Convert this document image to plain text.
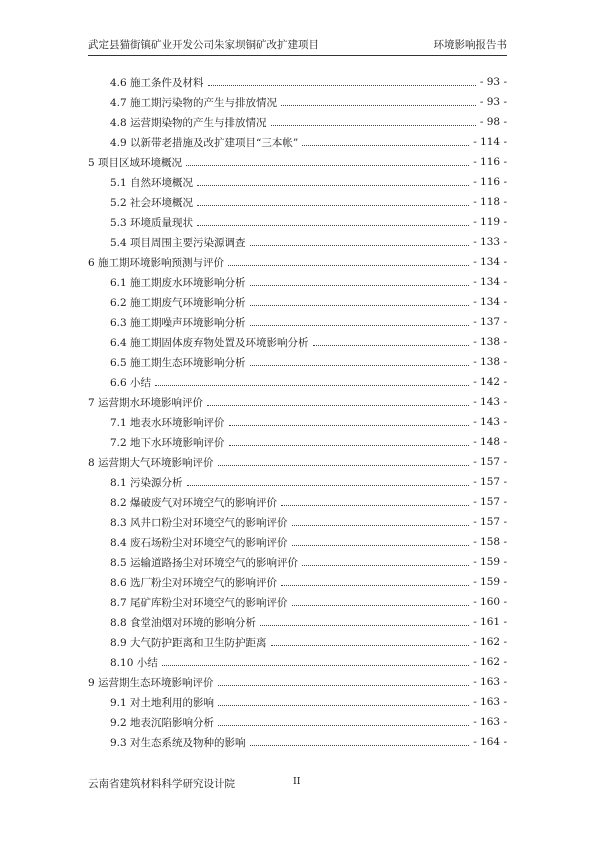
武定县猫街镇矿业开发公司朱家坝铜矿改扩建项目	环境影响报告书
4.6 施工条件及材料	- 93 -
4.7 施工期污染物的产生与排放情况	- 93 -
4.8 运营期染物的产生与排放情况	- 98 -
4.9 以新带老措施及改扩建项目“三本帐”	- 114 -
5 项目区域环境概况	- 116 -
5.1 自然环境概况	- 116 -
5.2 社会环境概况	- 118 -
5.3 环境质量现状	- 119 -
5.4 项目周围主要污染源调查	- 133 -
6 施工期环境影响预测与评价	- 134 -
6.1 施工期废水环境影响分析	- 134 -
6.2 施工期废气环境影响分析	- 134 -
6.3 施工期噪声环境影响分析	- 137 -
6.4 施工期固体废弃物处置及环境影响分析	- 138 -
6.5 施工期生态环境影响分析	- 138 -
6.6 小结	- 142 -
7 运营期水环境影响评价	- 143 -
7.1 地表水环境影响评价	- 143 -
7.2 地下水环境影响评价	- 148 -
8 运营期大气环境影响评价	- 157 -
8.1 污染源分析	- 157 -
8.2 爆破废气对环境空气的影响评价	- 157 -
8.3 风井口粉尘对环境空气的影响评价	- 157 -
8.4 废石场粉尘对环境空气的影响评价	- 158 -
8.5 运输道路扬尘对环境空气的影响评价	- 159 -
8.6 选厂粉尘对环境空气的影响评价	- 159 -
8.7 尾矿库粉尘对环境空气的影响评价	- 160 -
8.8 食堂油烟对环境的影响分析	- 161 -
8.9 大气防护距离和卫生防护距离	- 162 -
8.10 小结	- 162 -
9 运营期生态环境影响评价	- 163 -
9.1 对土地利用的影响	- 163 -
9.2 地表沉陷影响分析	- 163 -
9.3 对生态系统及物种的影响	- 164 -
云南省建筑材料科学研究设计院	II
